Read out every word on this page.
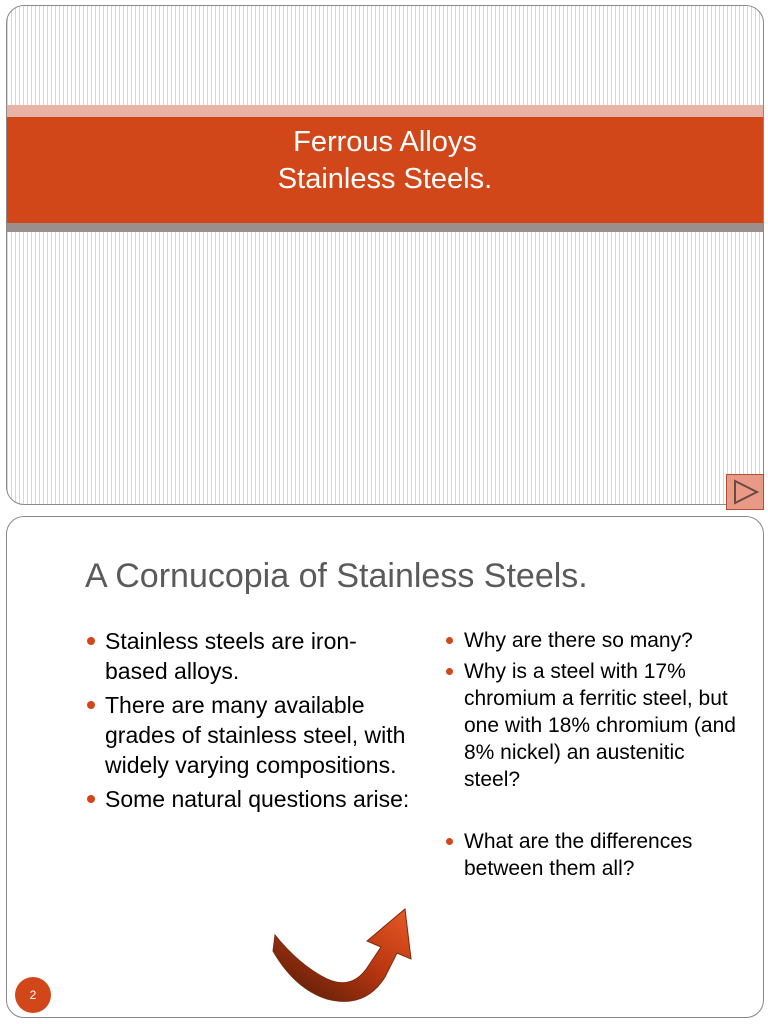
Ferrous Alloys
Stainless Steels.
A Cornucopia of Stainless Steels.
Stainless steels are iron-based alloys.
There are many available grades of stainless steel, with widely varying compositions.
Some natural questions arise:
Why are there so many?
Why is a steel with 17% chromium a ferritic steel, but one with 18% chromium (and 8% nickel) an austenitic steel?
What are the differences between them all?
2
